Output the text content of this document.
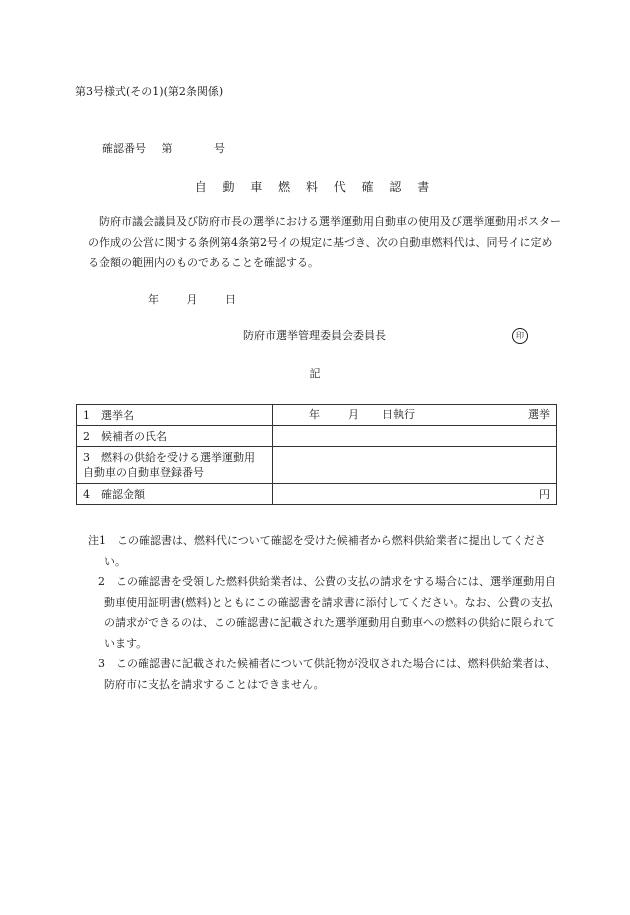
第3号様式(その1)(第2条関係)
確認番号 第	号
自 動 車 燃 料 代 確 認 書
防府市議会議員及び防府市長の選挙における選挙運動用自動車の使用及び選挙運動用ポスターの作成の公営に関する条例第4条第2号イの規定に基づき、次の自動車燃料代は、同号イに定める金額の範囲内のものであることを確認する。
年	月	日
防府市選挙管理委員会委員長	印
記
1　選挙名	年 月 日執行 選挙

2　候補者の氏名	

3　燃料の供給を受ける選挙運動用
自動車の自動車登録番号	

4　確認金額	円
注1　この確認書は、燃料代について確認を受けた候補者から燃料供給業者に提出してください。
2　この確認書を受領した燃料供給業者は、公費の支払の請求をする場合には、選挙運動用自動車使用証明書(燃料)とともにこの確認書を請求書に添付してください。なお、公費の支払の請求ができるのは、この確認書に記載された選挙運動用自動車への燃料の供給に限られています。
3　この確認書に記載された候補者について供託物が没収された場合には、燃料供給業者は、防府市に支払を請求することはできません。
